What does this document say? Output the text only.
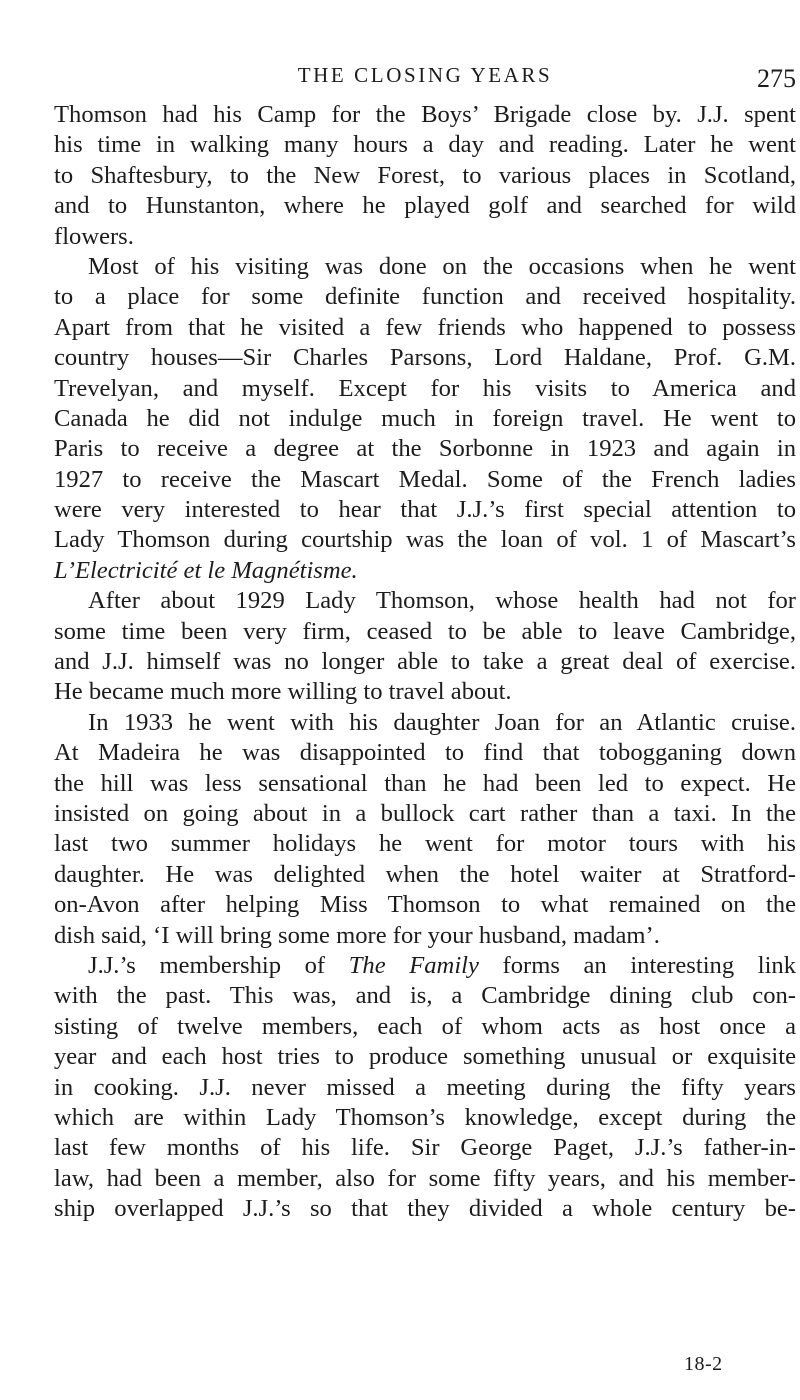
THE CLOSING YEARS	275
Thomson had his Camp for the Boys’ Brigade close by. J.J. spent
his time in walking many hours a day and reading. Later he went
to Shaftesbury, to the New Forest, to various places in Scotland,
and to Hunstanton, where he played golf and searched for wild
flowers.
Most of his visiting was done on the occasions when he went
to a place for some definite function and received hospitality.
Apart from that he visited a few friends who happened to possess
country houses—Sir Charles Parsons, Lord Haldane, Prof. G.M.
Trevelyan, and myself. Except for his visits to America and
Canada he did not indulge much in foreign travel. He went to
Paris to receive a degree at the Sorbonne in 1923 and again in
1927 to receive the Mascart Medal. Some of the French ladies
were very interested to hear that J.J.’s first special attention to
Lady Thomson during courtship was the loan of vol. 1 of Mascart’s
L’Electricité et le Magnétisme.
After about 1929 Lady Thomson, whose health had not for
some time been very firm, ceased to be able to leave Cambridge,
and J.J. himself was no longer able to take a great deal of exercise.
He became much more willing to travel about.
In 1933 he went with his daughter Joan for an Atlantic cruise.
At Madeira he was disappointed to find that tobogganing down
the hill was less sensational than he had been led to expect. He
insisted on going about in a bullock cart rather than a taxi. In the
last two summer holidays he went for motor tours with his
daughter. He was delighted when the hotel waiter at Stratford-
on-Avon after helping Miss Thomson to what remained on the
dish said, ‘I will bring some more for your husband, madam’.
J.J.’s membership of The Family forms an interesting link
with the past. This was, and is, a Cambridge dining club con-
sisting of twelve members, each of whom acts as host once a
year and each host tries to produce something unusual or exquisite
in cooking. J.J. never missed a meeting during the fifty years
which are within Lady Thomson’s knowledge, except during the
last few months of his life. Sir George Paget, J.J.’s father-in-
law, had been a member, also for some fifty years, and his member-
ship overlapped J.J.’s so that they divided a whole century be-
18-2
